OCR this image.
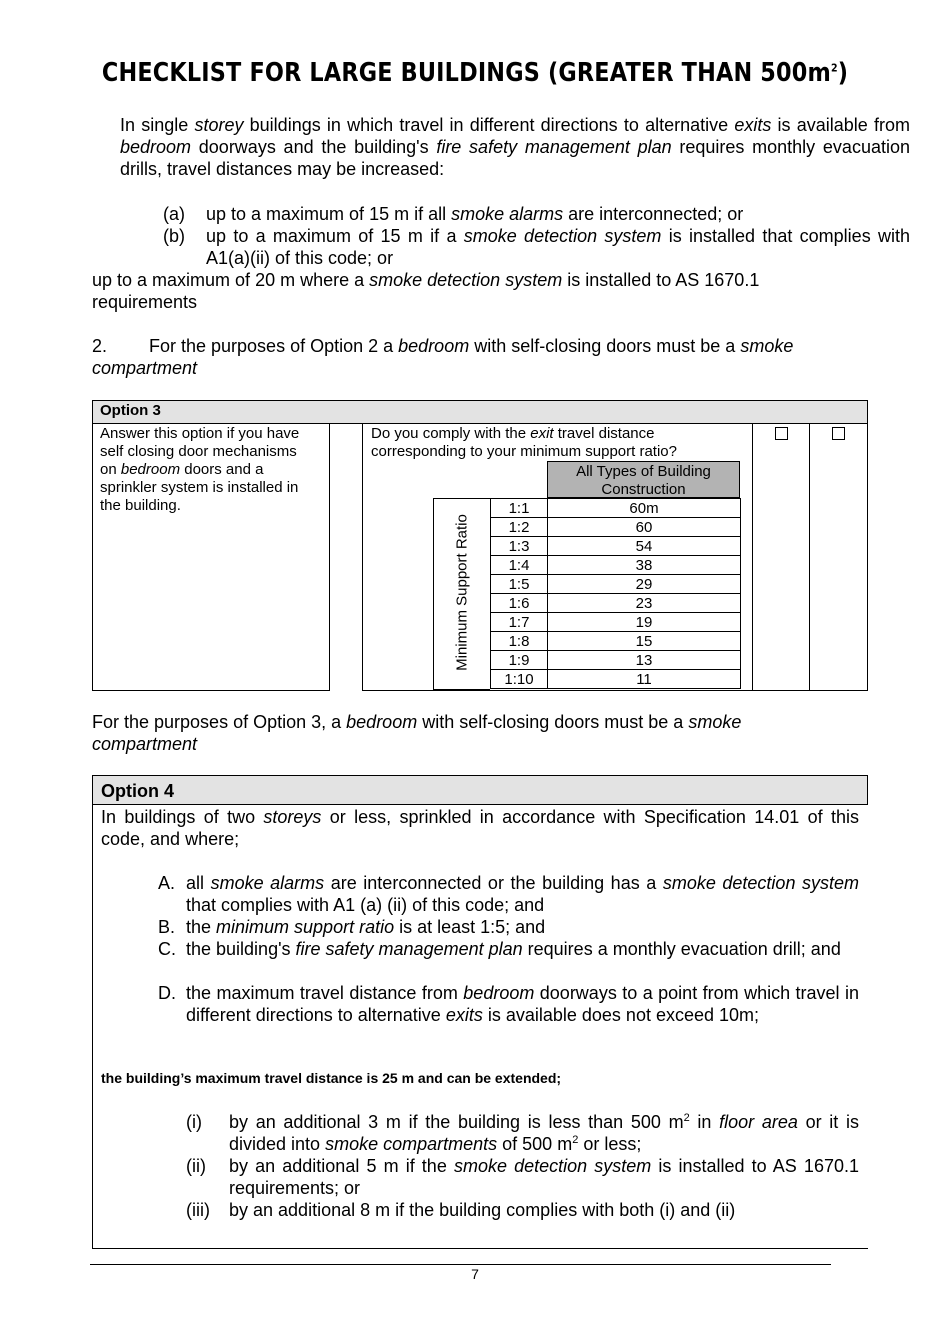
CHECKLIST FOR LARGE BUILDINGS (GREATER THAN $500m^2$)
In single storey buildings in which travel in different directions to alternative exits is available from bedroom doorways and the building's fire safety management plan requires monthly evacuation drills, travel distances may be increased:
(a) up to a maximum of 15 m if all smoke alarms are interconnected; or
(b) up to a maximum of 15 m if a smoke detection system is installed that complies with A1(a)(ii) of this code; or
up to a maximum of 20 m where a smoke detection system is installed to AS 1670.1
requirements
2. For the purposes of Option 2 a bedroom with self-closing doors must be a smoke
compartment
Option 3
Answer this option if you have
self closing door mechanisms
on bedroom doors and a
sprinkler system is installed in
the building.
Do you comply with the exit travel distance
corresponding to your minimum support ratio?
All Types of Building
Construction
Minimum Support Ratio
1:1	60m
1:2	60
1:3	54
1:4	38
1:5	29
1:6	23
1:7	19
1:8	15
1:9	13
1:10	11
For the purposes of Option 3, a bedroom with self-closing doors must be a smoke
compartment
Option 4
In buildings of two storeys or less, sprinkled in accordance with Specification 14.01 of this code, and where;
A. all smoke alarms are interconnected or the building has a smoke detection system that complies with A1 (a) (ii) of this code; and
B. the minimum support ratio is at least 1:5; and
C. the building's fire safety management plan requires a monthly evacuation drill; and
D. the maximum travel distance from bedroom doorways to a point from which travel in different directions to alternative exits is available does not exceed 10m;
the building’s maximum travel distance is 25 m and can be extended;
(i) by an additional 3 m if the building is less than 500 $m^2$ in floor area or it is divided into smoke compartments of 500 $m^2$ or less;
(ii) by an additional 5 m if the smoke detection system is installed to AS 1670.1 requirements; or
(iii) by an additional 8 m if the building complies with both (i) and (ii)
7
